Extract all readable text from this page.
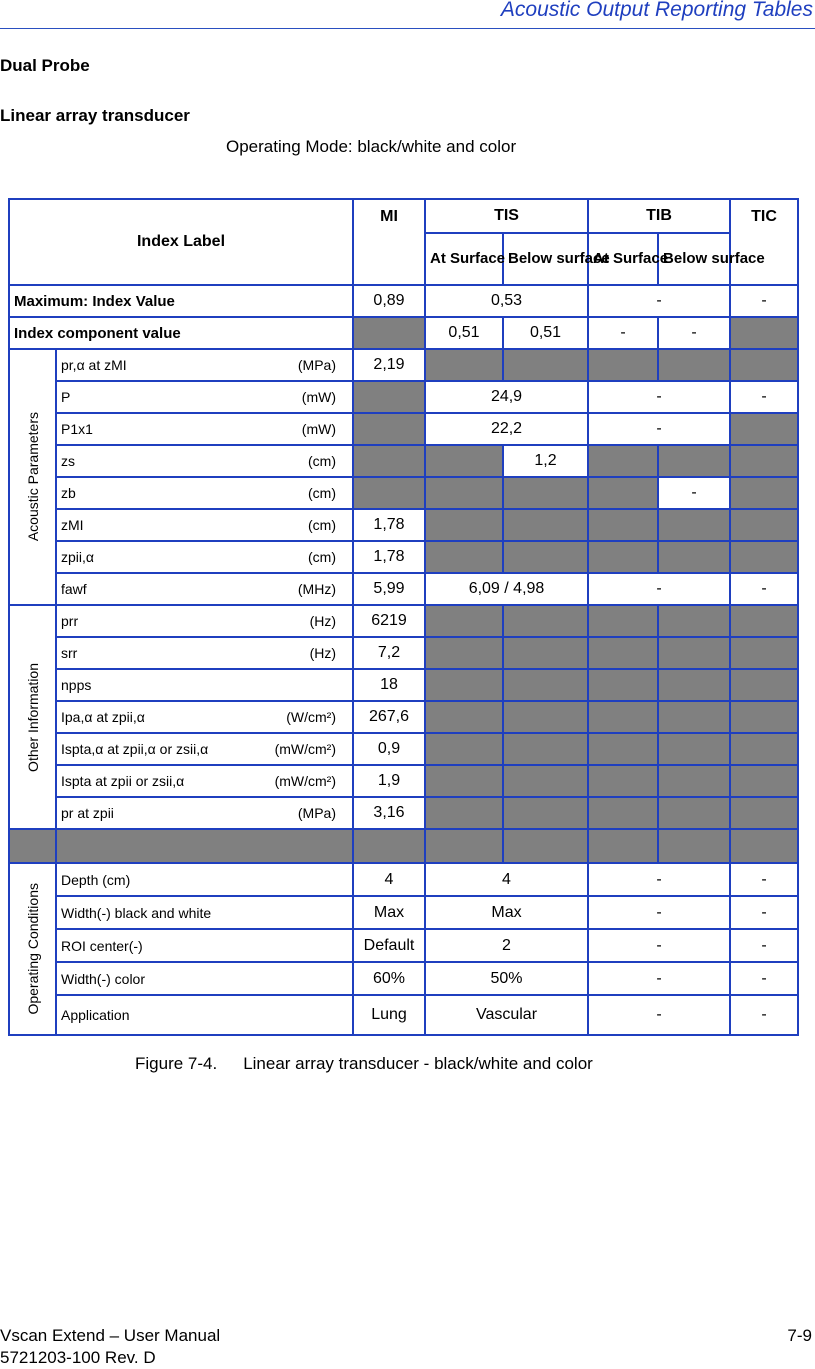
Acoustic Output Reporting Tables
Dual Probe
Linear array transducer
Operating Mode: black/white and color
Index Label		MI	TIS		TIB		TIC
			At Surface	Below surface	At Surface	Below surface	
Maximum: Index Value		0,89	0,53		-		-
Index component value			0,51	0,51	-	-	

Acoustic Parameters	pr,α at zMI (MPa)	2,19					

	P (mW)		24,9		-		-

	P1x1 (mW)		22,2		-		

	zs (cm)			1,2			

	zb (cm)					-	

	zMI (cm)	1,78					

	zpii,α (cm)	1,78					

	fawf (MHz)	5,99	6,09 / 4,98		-		-

Other Information	prr (Hz)	6219					

	srr (Hz)	7,2					

	npps	18					

	Ipa,α at zpii,α (W/cm²)	267,6					

	Ispta,α at zpii,α or zsii,α (mW/cm²)	0,9					

	Ispta at zpii or zsii,α (mW/cm²)	1,9					

	pr at zpii (MPa)	3,16					

Operating Conditions	Depth (cm)	4	4		-		-
	Width(-) black and white	Max	Max		-		-
	ROI center(-)	Default	2		-		-
	Width(-) color	60%	50%		-		-
	Application	Lung	Vascular		-		-
Figure 7-4. Linear array transducer - black/white and color
Vscan Extend – User Manual
5721203-100 Rev. D
7-9
